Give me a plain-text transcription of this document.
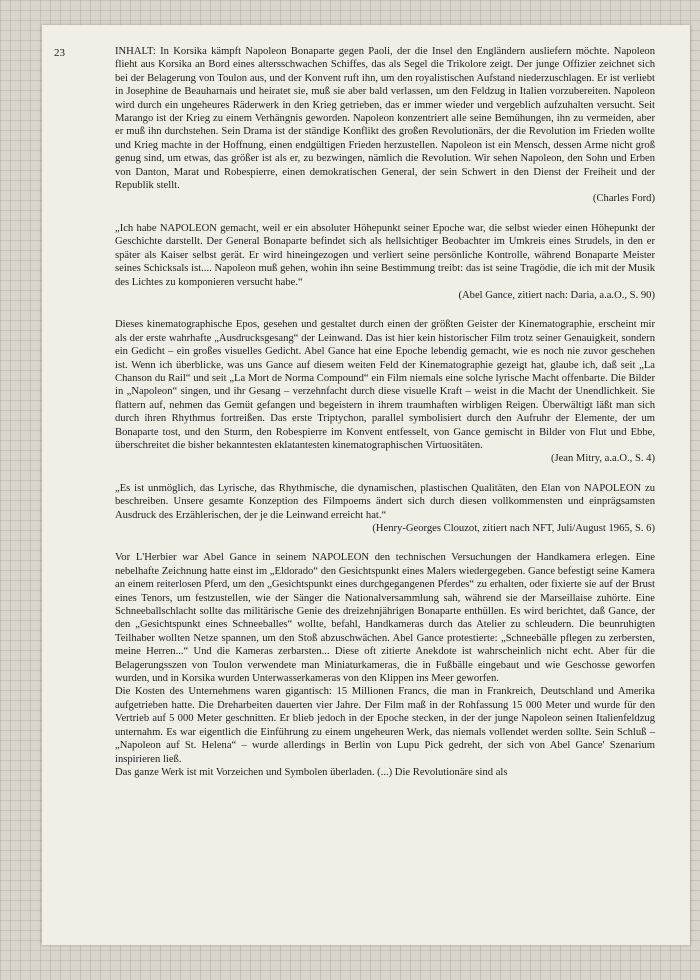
23	INHALT: In Korsika kämpft Napoleon Bonaparte gegen Paoli, der die Insel den Engländern ausliefern möchte. Napoleon flieht aus Korsika an Bord eines altersschwachen Schiffes, das als Segel die Trikolore zeigt. Der junge Offizier zeichnet sich bei der Belagerung von Toulon aus, und der Konvent ruft ihn, um den royalistischen Aufstand niederzuschlagen. Er ist verliebt in Josephine de Beauharnais und heiratet sie, muß sie aber bald verlassen, um den Feldzug in Italien vorzubereiten. Napoleon wird durch ein ungeheures Räderwerk in den Krieg getrieben, das er immer wieder und vergeblich aufzuhalten versucht. Seit Marango ist der Krieg zu einem Verhängnis geworden. Napoleon konzentriert alle seine Bemühungen, ihn zu vermeiden, aber er muß ihn durchstehen. Sein Drama ist der ständige Konflikt des großen Revolutionärs, der die Revolution im Frieden wollte und Krieg machte in der Hoffnung, einen endgültigen Frieden herzustellen. Napoleon ist ein Mensch, dessen Arme nicht groß genug sind, um etwas, das größer ist als er, zu bezwingen, nämlich die Revolution. Wir sehen Napoleon, den Sohn und Erben von Danton, Marat und Robespierre, einen demokratischen General, der sein Schwert in den Dienst der Freiheit und der Republik stellt.

(Charles Ford)

„Ich habe NAPOLEON gemacht, weil er ein absoluter Höhepunkt seiner Epoche war, die selbst wieder einen Höhepunkt der Geschichte darstellt. Der General Bonaparte befindet sich als hellsichtiger Beobachter im Umkreis eines Strudels, in den er später als Kaiser selbst gerät. Er wird hineingezogen und verliert seine persönliche Kontrolle, während Bonaparte Meister seines Schicksals ist.... Napoleon muß gehen, wohin ihn seine Bestimmung treibt: das ist seine Tragödie, die ich mit der Musik des Lichtes zu komponieren versucht habe.“

(Abel Gance, zitiert nach: Daria, a.a.O., S. 90)

Dieses kinematographische Epos, gesehen und gestaltet durch einen der größten Geister der Kinematographie, erscheint mir als der erste wahrhafte „Ausdrucksgesang“ der Leinwand. Das ist hier kein historischer Film trotz seiner Genauigkeit, sondern ein Gedicht – ein großes visuelles Gedicht. Abel Gance hat eine Epoche lebendig gemacht, wie es noch nie zuvor geschehen ist. Wenn ich überblicke, was uns Gance auf diesem weiten Feld der Kinematographie gezeigt hat, glaube ich, daß seit „La Chanson du Rail“ und seit „La Mort de Norma Compound“ ein Film niemals eine solche lyrische Macht offenbarte. Die Bilder in „Napoleon“ singen, und ihr Gesang – verzehnfacht durch diese visuelle Kraft – weist in die Macht der Unendlichkeit. Sie flattern auf, nehmen das Gemüt gefangen und begeistern in ihrem traumhaften wirbligen Reigen. Überwältigt läßt man sich durch ihren Rhythmus fortreißen. Das erste Triptychon, parallel symbolisiert durch den Aufruhr der Elemente, der um Bonaparte tost, und den Sturm, den Robespierre im Konvent entfesselt, von Gance gemischt in Bilder von Flut und Ebbe, überschreitet die bisher bekanntesten eklatantesten kinematographischen Virtuositäten.

(Jean Mitry, a.a.O., S. 4)

„Es ist unmöglich, das Lyrische, das Rhythmische, die dynamischen, plastischen Qualitäten, den Elan von NAPOLEON zu beschreiben. Unsere gesamte Konzeption des Filmpoems ändert sich durch diesen vollkommensten und einprägsamsten Ausdruck des Erzählerischen, der je die Leinwand erreicht hat.“

(Henry-Georges Clouzot, zitiert nach NFT, Juli/August 1965, S. 6)

Vor L'Herbier war Abel Gance in seinem NAPOLEON den technischen Versuchungen der Handkamera erlegen. Eine nebelhafte Zeichnung hatte einst im „Eldorado“ den Gesichtspunkt eines Malers wiedergegeben. Gance befestigt seine Kamera an einem reiterlosen Pferd, um den „Gesichtspunkt eines durchgegangenen Pferdes“ zu erhalten, oder fixierte sie auf der Brust eines Tenors, um festzustellen, wie der Sänger die Nationalversammlung sah, während sie der Marseillaise zuhörte. Eine Schneeballschlacht sollte das militärische Genie des dreizehnjährigen Bonaparte enthüllen. Es wird berichtet, daß Gance, der den „Gesichtspunkt eines Schneeballes“ wollte, befahl, Handkameras durch das Atelier zu schleudern. Die beunruhigten Teilhaber wollten Netze spannen, um den Stoß abzuschwächen. Abel Gance protestierte: „Schneebälle pflegen zu zerbersten, meine Herren...“ Und die Kameras zerbarsten... Diese oft zitierte Anekdote ist wahrscheinlich nicht echt. Aber für die Belagerungsszen von Toulon verwendete man Miniaturkameras, die in Fußbälle eingebaut und wie Geschosse geworfen wurden, und in Korsika wurden Unterwasserkameras von den Klippen ins Meer geworfen.
Die Kosten des Unternehmens waren gigantisch: 15 Millionen Francs, die man in Frankreich, Deutschland und Amerika aufgetrieben hatte. Die Dreharbeiten dauerten vier Jahre. Der Film maß in der Rohfassung 15 000 Meter und wurde für den Vertrieb auf 5 000 Meter geschnitten. Er blieb jedoch in der Epoche stecken, in der der junge Napoleon seinen Italienfeldzug unternahm. Es war eigentlich die Einführung zu einem ungeheuren Werk, das niemals vollendet werden sollte. Sein Schluß – „Napoleon auf St. Helena“ – wurde allerdings in Berlin von Lupu Pick gedreht, der sich von Abel Gance' Szenarium inspirieren ließ.
Das ganze Werk ist mit Vorzeichen und Symbolen überladen. (...) Die Revolutionäre sind als
